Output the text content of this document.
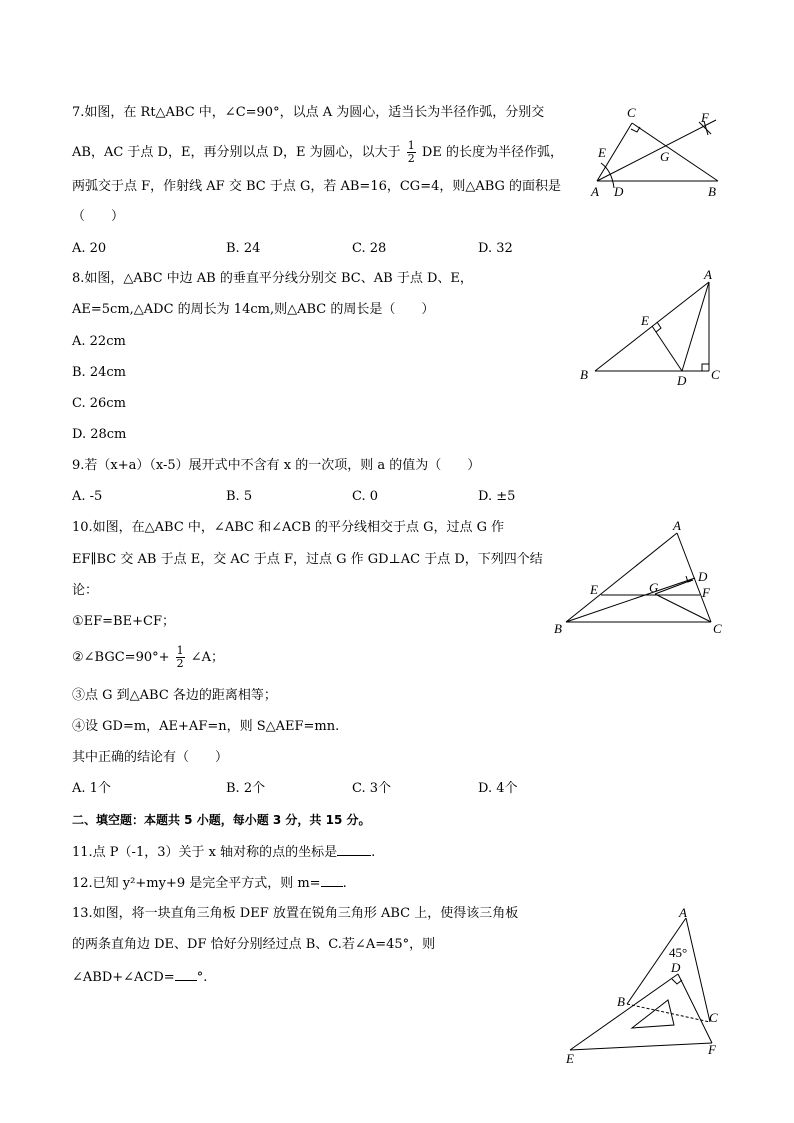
7.如图，在 Rt△ABC 中，∠C=90°，以点 A 为圆心，适当长为半径作弧，分别交
AB，AC 于点 D，E，再分别以点 D，E 为圆心，以大于 $\frac{1}{2}$ DE 的长度为半径作弧，
两弧交于点 F，作射线 AF 交 BC 于点 G，若 AB=16，CG=4，则△ABG 的面积是
（　　）
A. 20	B. 24	C. 28	D. 32
C	F
E	G
A D	B
8.如图，△ABC 中边 AB 的垂直平分线分别交 BC、AB 于点 D、E，
AE=5cm,△ADC 的周长为 14cm,则△ABC 的周长是（　　）
A. 22cm
B. 24cm
C. 26cm
D. 28cm
A
E
B	D C
9.若（x+a）（x-5）展开式中不含有 x 的一次项，则 a 的值为（　　）
A. -5	B. 5	C. 0	D. ±5
10.如图，在△ABC 中，∠ABC 和∠ACB 的平分线相交于点 G，过点 G 作
EF∥BC 交 AB 于点 E，交 AC 于点 F，过点 G 作 GD⊥AC 于点 D，下列四个结
论：
①EF=BE+CF；
②∠BGC=90°+ $\frac{1}{2}$ ∠A；
③点 G 到△ABC 各边的距离相等；
④设 GD=m，AE+AF=n，则 S△AEF=mn.
其中正确的结论有（　　）
A. 1个	B. 2个	C. 3个	D. 4个
A
D
E	G	F
B	C
二、填空题：本题共 5 小题，每小题 3 分，共 15 分。
11.点 P（-1，3）关于 x 轴对称的点的坐标是	.
12.已知 y²+my+9 是完全平方式，则 m= .
13.如图，将一块直角三角板 DEF 放置在锐角三角形 ABC 上，使得该三角板
的两条直角边 DE、DF 恰好分别经过点 B、C.若∠A=45°，则
∠ABD+∠ACD= °.
A
45°
D
B
C
E
F
